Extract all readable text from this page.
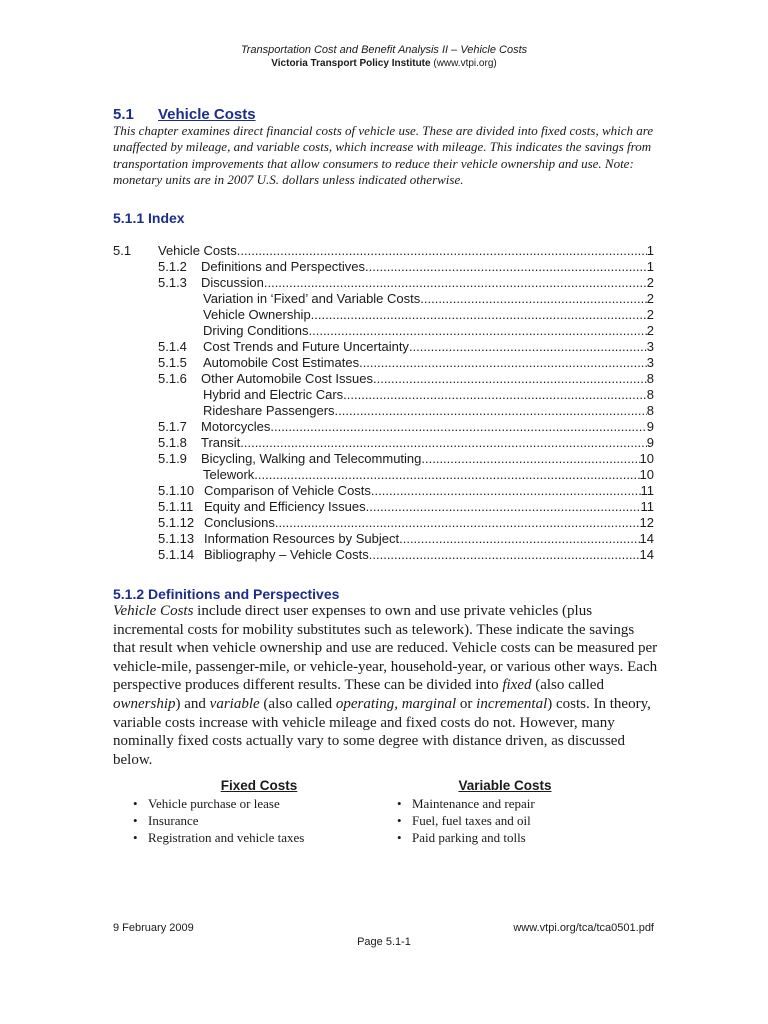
Transportation Cost and Benefit Analysis II – Vehicle Costs
Victoria Transport Policy Institute (www.vtpi.org)
5.1 Vehicle Costs
This chapter examines direct financial costs of vehicle use. These are divided into fixed costs, which are unaffected by mileage, and variable costs, which increase with mileage. This indicates the savings from transportation improvements that allow consumers to reduce their vehicle ownership and use. Note: monetary units are in 2007 U.S. dollars unless indicated otherwise.
5.1.1 Index
5.1	Vehicle Costs .....	1
5.1.2	Definitions and Perspectives .....	1
5.1.3	Discussion .....	2
Variation in ‘Fixed’ and Variable Costs .....	2
Vehicle Ownership .....	2
Driving Conditions .....	2
5.1.4	Cost Trends and Future Uncertainty .....	3
5.1.5	Automobile Cost Estimates .....	3
5.1.6	Other Automobile Cost Issues .....	8
Hybrid and Electric Cars .....	8
Rideshare Passengers .....	8
5.1.7	Motorcycles .....	9
5.1.8	Transit .....	9
5.1.9	Bicycling, Walking and Telecommuting .....	10
Telework .....	10
5.1.10 Comparison of Vehicle Costs .....	11
5.1.11 Equity and Efficiency Issues .....	11
5.1.12 Conclusions .....	12
5.1.13 Information Resources by Subject .....	14
5.1.14 Bibliography – Vehicle Costs .....	14
5.1.2 Definitions and Perspectives
Vehicle Costs include direct user expenses to own and use private vehicles (plus incremental costs for mobility substitutes such as telework). These indicate the savings that result when vehicle ownership and use are reduced. Vehicle costs can be measured per vehicle-mile, passenger-mile, or vehicle-year, household-year, or various other ways. Each perspective produces different results. These can be divided into fixed (also called ownership) and variable (also called operating, marginal or incremental) costs. In theory, variable costs increase with vehicle mileage and fixed costs do not. However, many nominally fixed costs actually vary to some degree with distance driven, as discussed below.
Fixed Costs
• Vehicle purchase or lease
• Insurance
• Registration and vehicle taxes
Variable Costs
• Maintenance and repair
• Fuel, fuel taxes and oil
• Paid parking and tolls
9 February 2009	www.vtpi.org/tca/tca0501.pdf
Page 5.1-1
